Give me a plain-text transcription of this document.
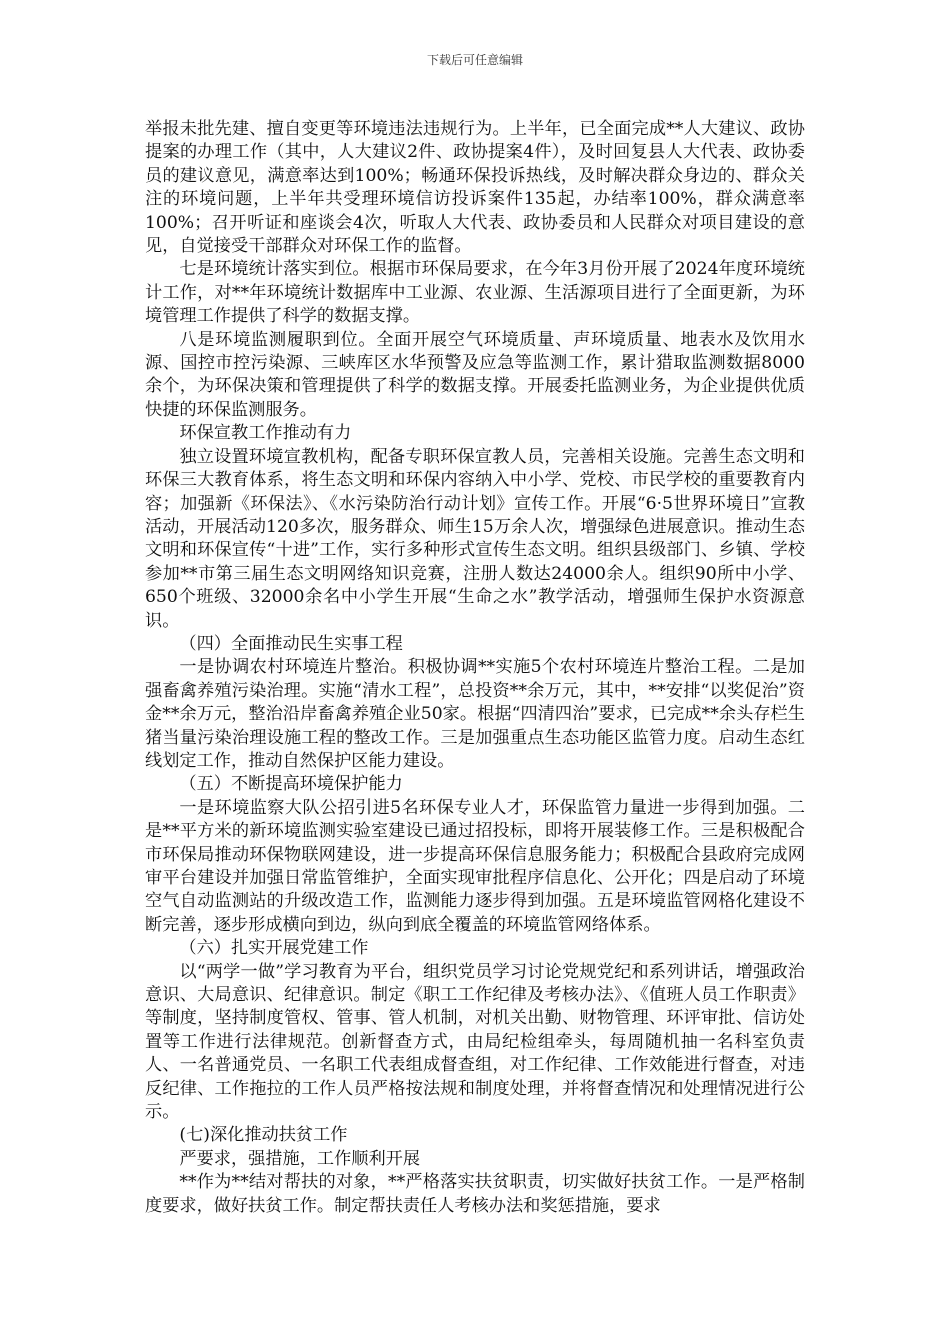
下载后可任意编辑

举报未批先建、擅自变更等环境违法违规行为。上半年，已全面完成**人大建议、政协提案的办理工作（其中，人大建议2件、政协提案4件），及时回复县人大代表、政协委员的建议意见，满意率达到100%；畅通环保投诉热线，及时解决群众身边的、群众关注的环境问题，上半年共受理环境信访投诉案件135起，办结率100%，群众满意率100%；召开听证和座谈会4次，听取人大代表、政协委员和人民群众对项目建设的意见，自觉接受干部群众对环保工作的监督。

七是环境统计落实到位。根据市环保局要求，在今年3月份开展了2024年度环境统计工作，对**年环境统计数据库中工业源、农业源、生活源项目进行了全面更新，为环境管理工作提供了科学的数据支撑。

八是环境监测履职到位。全面开展空气环境质量、声环境质量、地表水及饮用水源、国控市控污染源、三峡库区水华预警及应急等监测工作，累计猎取监测数据8000余个，为环保决策和管理提供了科学的数据支撑。开展委托监测业务，为企业提供优质快捷的环保监测服务。

环保宣教工作推动有力

独立设置环境宣教机构，配备专职环保宣教人员，完善相关设施。完善生态文明和环保三大教育体系，将生态文明和环保内容纳入中小学、党校、市民学校的重要教育内容；加强新《环保法》、《水污染防治行动计划》宣传工作。开展“6·5世界环境日”宣教活动，开展活动120多次，服务群众、师生15万余人次，增强绿色进展意识。推动生态文明和环保宣传“十进”工作，实行多种形式宣传生态文明。组织县级部门、乡镇、学校参加**市第三届生态文明网络知识竞赛，注册人数达24000余人。组织90所中小学、650个班级、32000余名中小学生开展“生命之水”教学活动，增强师生保护水资源意识。

（四）全面推动民生实事工程

一是协调农村环境连片整治。积极协调**实施5个农村环境连片整治工程。二是加强畜禽养殖污染治理。实施“清水工程”，总投资**余万元，其中，**安排“以奖促治”资金**余万元，整治沿岸畜禽养殖企业50家。根据“四清四治”要求，已完成**余头存栏生猪当量污染治理设施工程的整改工作。三是加强重点生态功能区监管力度。启动生态红线划定工作，推动自然保护区能力建设。

（五）不断提高环境保护能力

一是环境监察大队公招引进5名环保专业人才，环保监管力量进一步得到加强。二是**平方米的新环境监测实验室建设已通过招投标，即将开展装修工作。三是积极配合市环保局推动环保物联网建设，进一步提高环保信息服务能力；积极配合县政府完成网审平台建设并加强日常监管维护，全面实现审批程序信息化、公开化；四是启动了环境空气自动监测站的升级改造工作，监测能力逐步得到加强。五是环境监管网格化建设不断完善，逐步形成横向到边，纵向到底全覆盖的环境监管网络体系。

（六）扎实开展党建工作

以“两学一做”学习教育为平台，组织党员学习讨论党规党纪和系列讲话，增强政治意识、大局意识、纪律意识。制定《职工工作纪律及考核办法》、《值班人员工作职责》等制度，坚持制度管权、管事、管人机制，对机关出勤、财物管理、环评审批、信访处置等工作进行法律规范。创新督查方式，由局纪检组牵头，每周随机抽一名科室负责人、一名普通党员、一名职工代表组成督查组，对工作纪律、工作效能进行督查，对违反纪律、工作拖拉的工作人员严格按法规和制度处理，并将督查情况和处理情况进行公示。

(七)深化推动扶贫工作

严要求，强措施，工作顺利开展

**作为**结对帮扶的对象，**严格落实扶贫职责，切实做好扶贫工作。一是严格制度要求，做好扶贫工作。制定帮扶责任人考核办法和奖惩措施，要求
